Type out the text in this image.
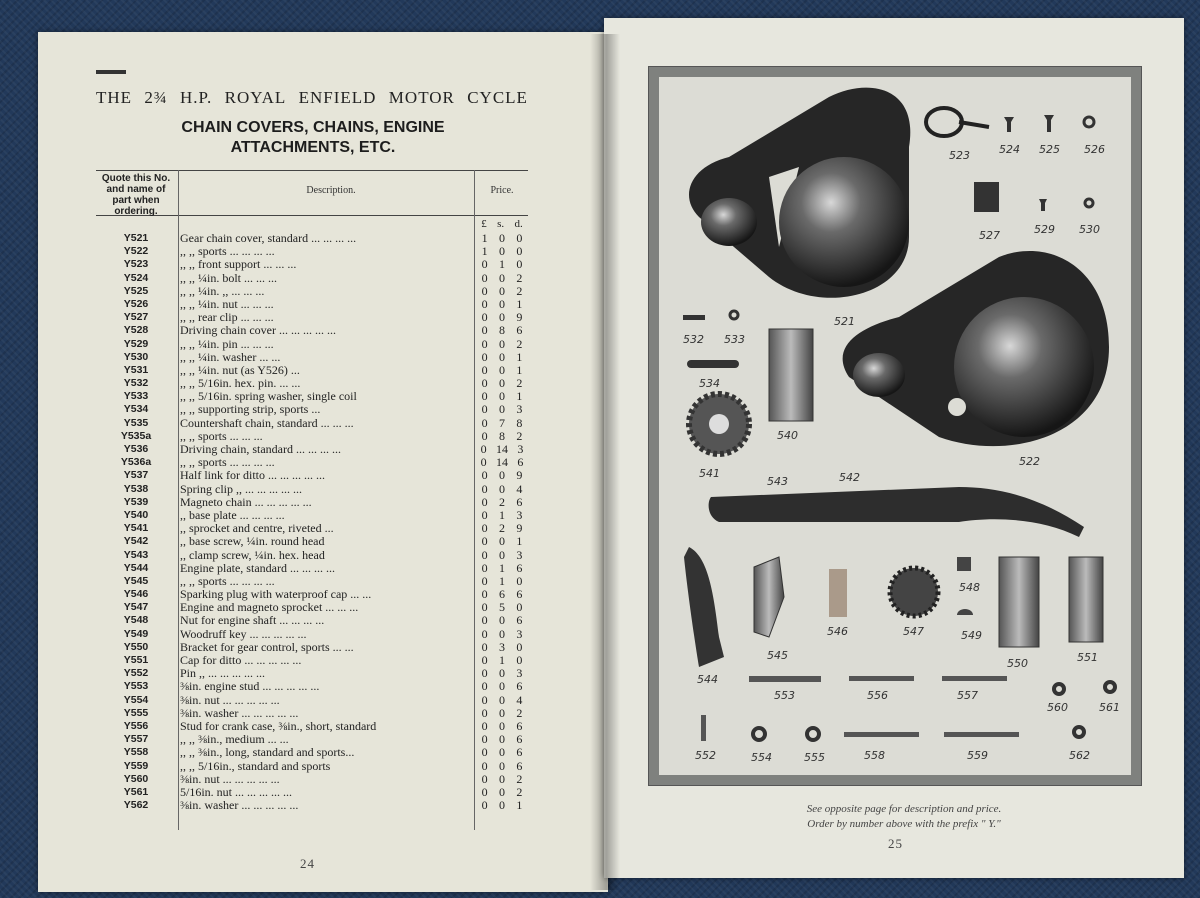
THE 2¾ H.P. ROYAL ENFIELD MOTOR CYCLE
CHAIN COVERS, CHAINS, ENGINE
ATTACHMENTS, ETC.
Quote this No.
and name of
part when
ordering.
Description.	Price.
£ s. d.
Y521	Gear chain cover, standard ... ... ... ...	1 0 0
Y522	,, ,, sports ... ... ... ...	1 0 0
Y523	,, ,, front support ... ... ...	0 1 0
Y524	,, ,, ¼in. bolt ... ... ...	0 0 2
Y525	,, ,, ¼in. ,, ... ... ...	0 0 2
Y526	,, ,, ¼in. nut ... ... ...	0 0 1
Y527	,, ,, rear clip ... ... ...	0 0 9
Y528	Driving chain cover ... ... ... ... ...	0 8 6
Y529	,, ,, ¼in. pin ... ... ...	0 0 2
Y530	,, ,, ¼in. washer ... ...	0 0 1
Y531	,, ,, ¼in. nut (as Y526) ...	0 0 1
Y532	,, ,, 5/16in. hex. pin. ... ...	0 0 2
Y533	,, ,, 5/16in. spring washer, single coil	0 0 1
Y534	,, ,, supporting strip, sports ...	0 0 3
Y535	Countershaft chain, standard ... ... ...	0 7 8
Y535a	,, ,, sports ... ... ...	0 8 2
Y536	Driving chain, standard ... ... ... ...	0 14 3
Y536a	,, ,, sports ... ... ... ...	0 14 6
Y537	Half link for ditto ... ... ... ... ...	0 0 9
Y538	Spring clip ,, ... ... ... ... ...	0 0 4
Y539	Magneto chain ... ... ... ... ...	0 2 6
Y540	,, base plate ... ... ... ...	0 1 3
Y541	,, sprocket and centre, riveted ...	0 2 9
Y542	,, base screw, ¼in. round head	0 0 1
Y543	,, clamp screw, ¼in. hex. head	0 0 3
Y544	Engine plate, standard ... ... ... ...	0 1 6
Y545	,, ,, sports ... ... ... ...	0 1 0
Y546	Sparking plug with waterproof cap ... ...	0 6 6
Y547	Engine and magneto sprocket ... ... ...	0 5 0
Y548	Nut for engine shaft ... ... ... ...	0 0 6
Y549	Woodruff key ... ... ... ... ...	0 0 3
Y550	Bracket for gear control, sports ... ...	0 3 0
Y551	Cap for ditto ... ... ... ... ...	0 1 0
Y552	Pin ,, ... ... ... ... ...	0 0 3
Y553	⅜in. engine stud ... ... ... ... ...	0 0 6
Y554	⅜in. nut ... ... ... ... ...	0 0 4
Y555	⅜in. washer ... ... ... ... ...	0 0 2
Y556	Stud for crank case, ⅜in., short, standard	0 0 6
Y557	,, ,, ⅜in., medium ... ...	0 0 6
Y558	,, ,, ⅜in., long, standard and sports...	0 0 6
Y559	,, ,, 5/16in., standard and sports	0 0 6
Y560	⅜in. nut ... ... ... ... ...	0 0 2
Y561	5/16in. nut ... ... ... ... ...	0 0 2
Y562	⅜in. washer ... ... ... ... ...	0 0 1
24
521
522
523	524 525 526
527	529 530
532 533
534
540
541	542
543
544
545
546	547
548
549
550	551
552
553
554	555
556	557
558	559
560	561
562
See opposite page for description and price.
Order by number above with the prefix " Y."
25
